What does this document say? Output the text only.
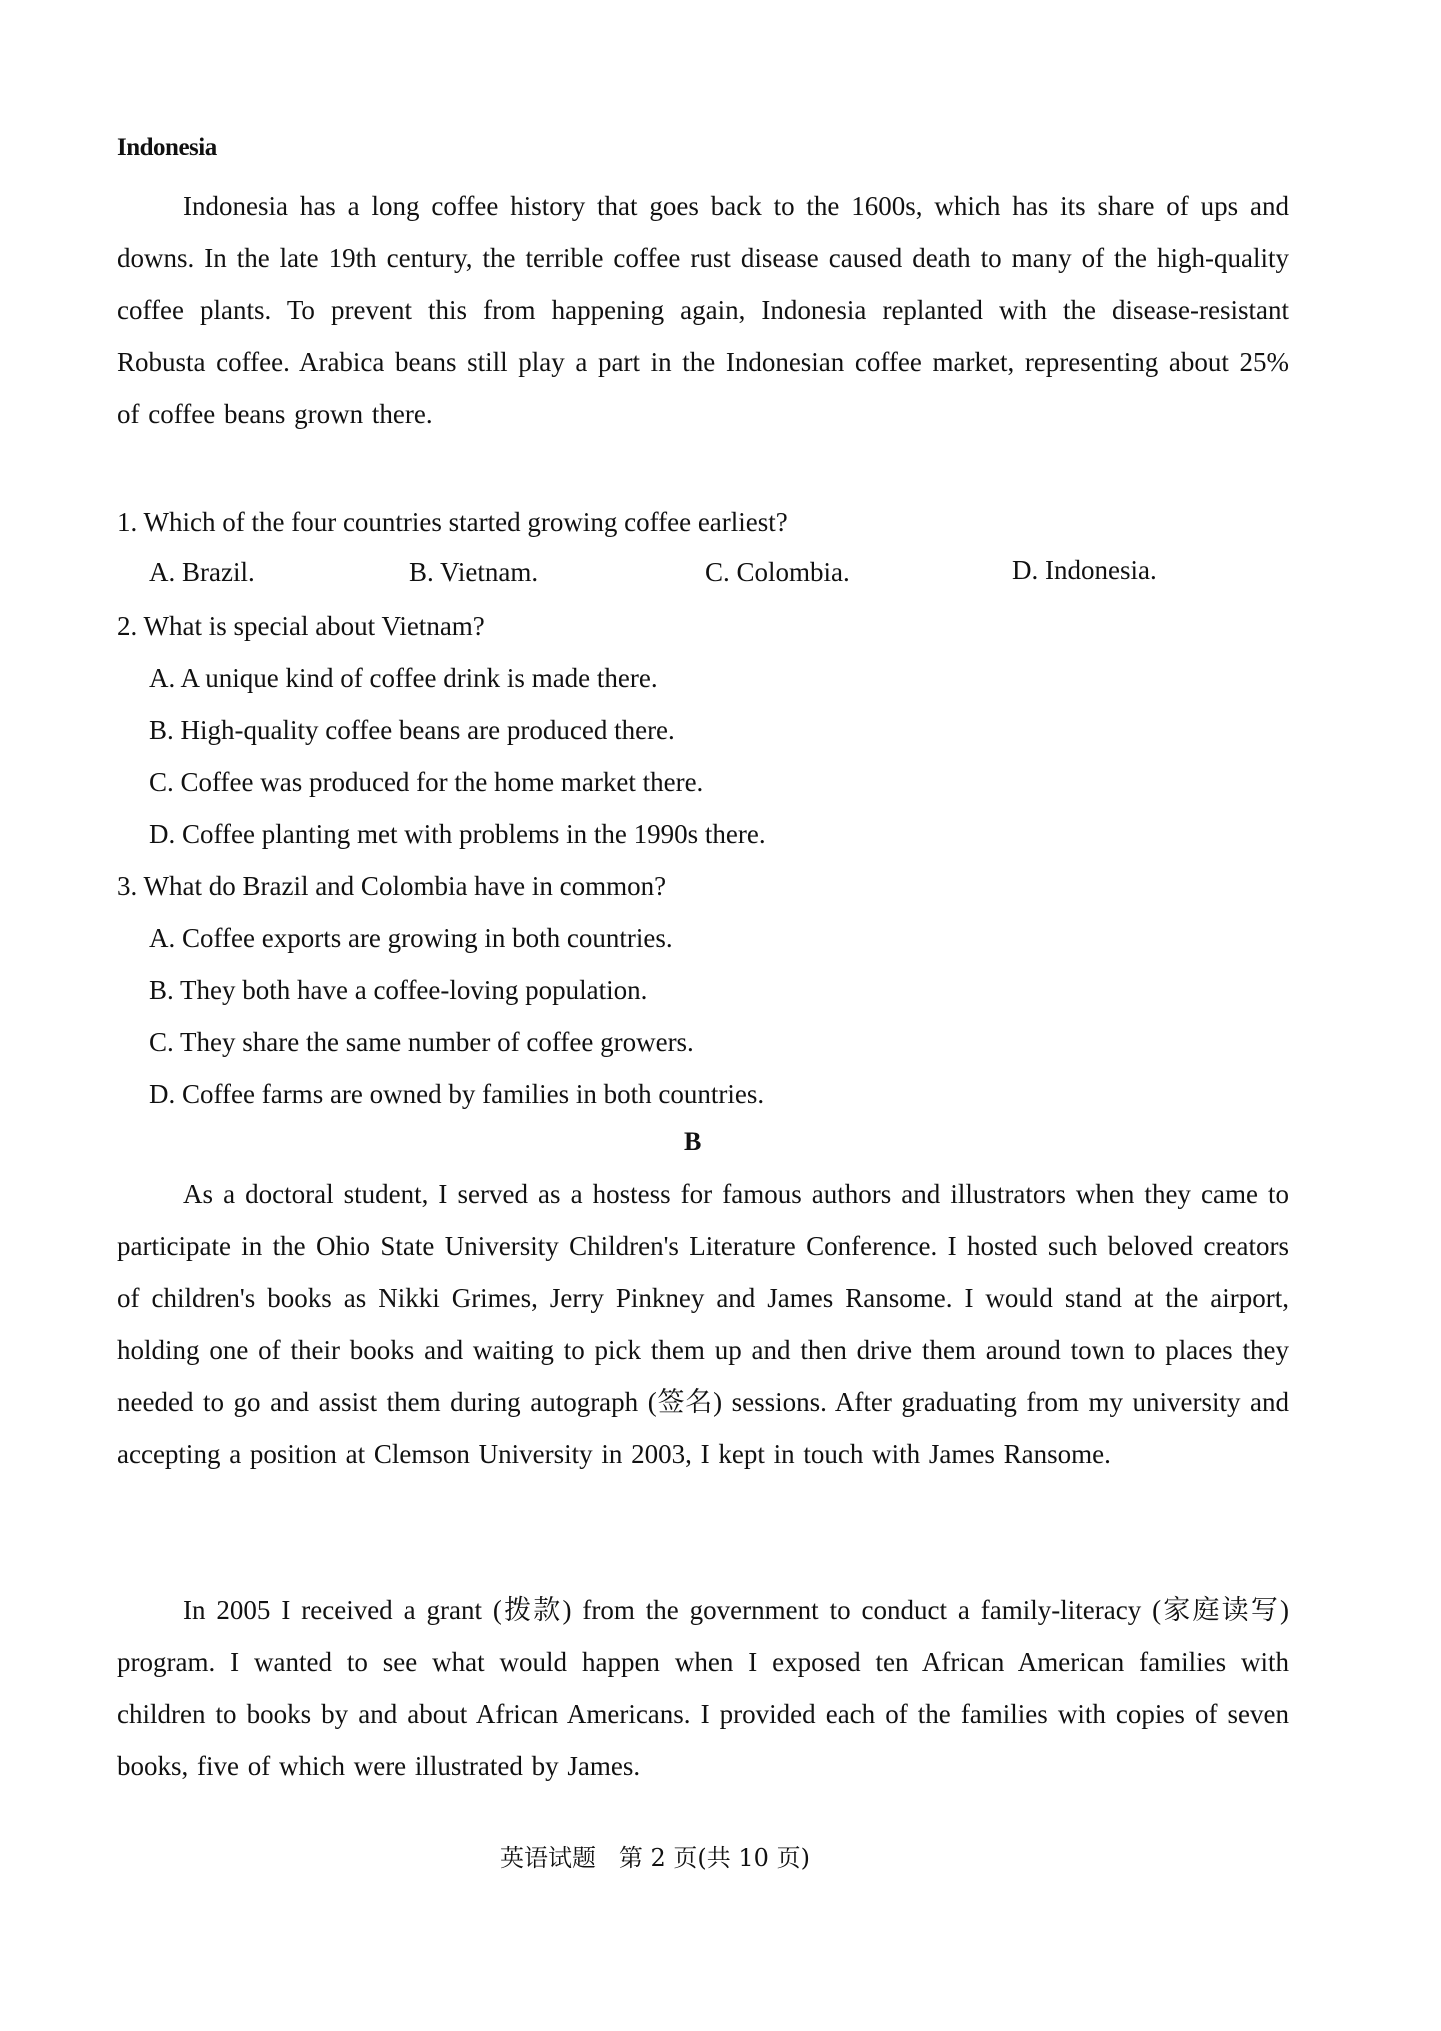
Indonesia

Indonesia has a long coffee history that goes back to the 1600s, which has its share of ups and downs. In the late 19th century, the terrible coffee rust disease caused death to many of the high-quality coffee plants. To prevent this from happening again, Indonesia replanted with the disease-resistant Robusta coffee. Arabica beans still play a part in the Indonesian coffee market, representing about 25% of coffee beans grown there.

1. Which of the four countries started growing coffee earliest?
A. Brazil.	B. Vietnam.	C. Colombia.	D. Indonesia.
2. What is special about Vietnam?
A. A unique kind of coffee drink is made there.
B. High-quality coffee beans are produced there.
C. Coffee was produced for the home market there.
D. Coffee planting met with problems in the 1990s there.
3. What do Brazil and Colombia have in common?
A. Coffee exports are growing in both countries.
B. They both have a coffee-loving population.
C. They share the same number of coffee growers.
D. Coffee farms are owned by families in both countries.
B

As a doctoral student, I served as a hostess for famous authors and illustrators when they came to participate in the Ohio State University Children's Literature Conference. I hosted such beloved creators of children's books as Nikki Grimes, Jerry Pinkney and James Ransome. I would stand at the airport, holding one of their books and waiting to pick them up and then drive them around town to places they needed to go and assist them during autograph (签名) sessions. After graduating from my university and accepting a position at Clemson University in 2003, I kept in touch with James Ransome.

In 2005 I received a grant (拨款) from the government to conduct a family-literacy (家庭读写) program. I wanted to see what would happen when I exposed ten African American families with children to books by and about African Americans. I provided each of the families with copies of seven books, five of which were illustrated by James.

英语试题   第 2 页(共 10 页)
